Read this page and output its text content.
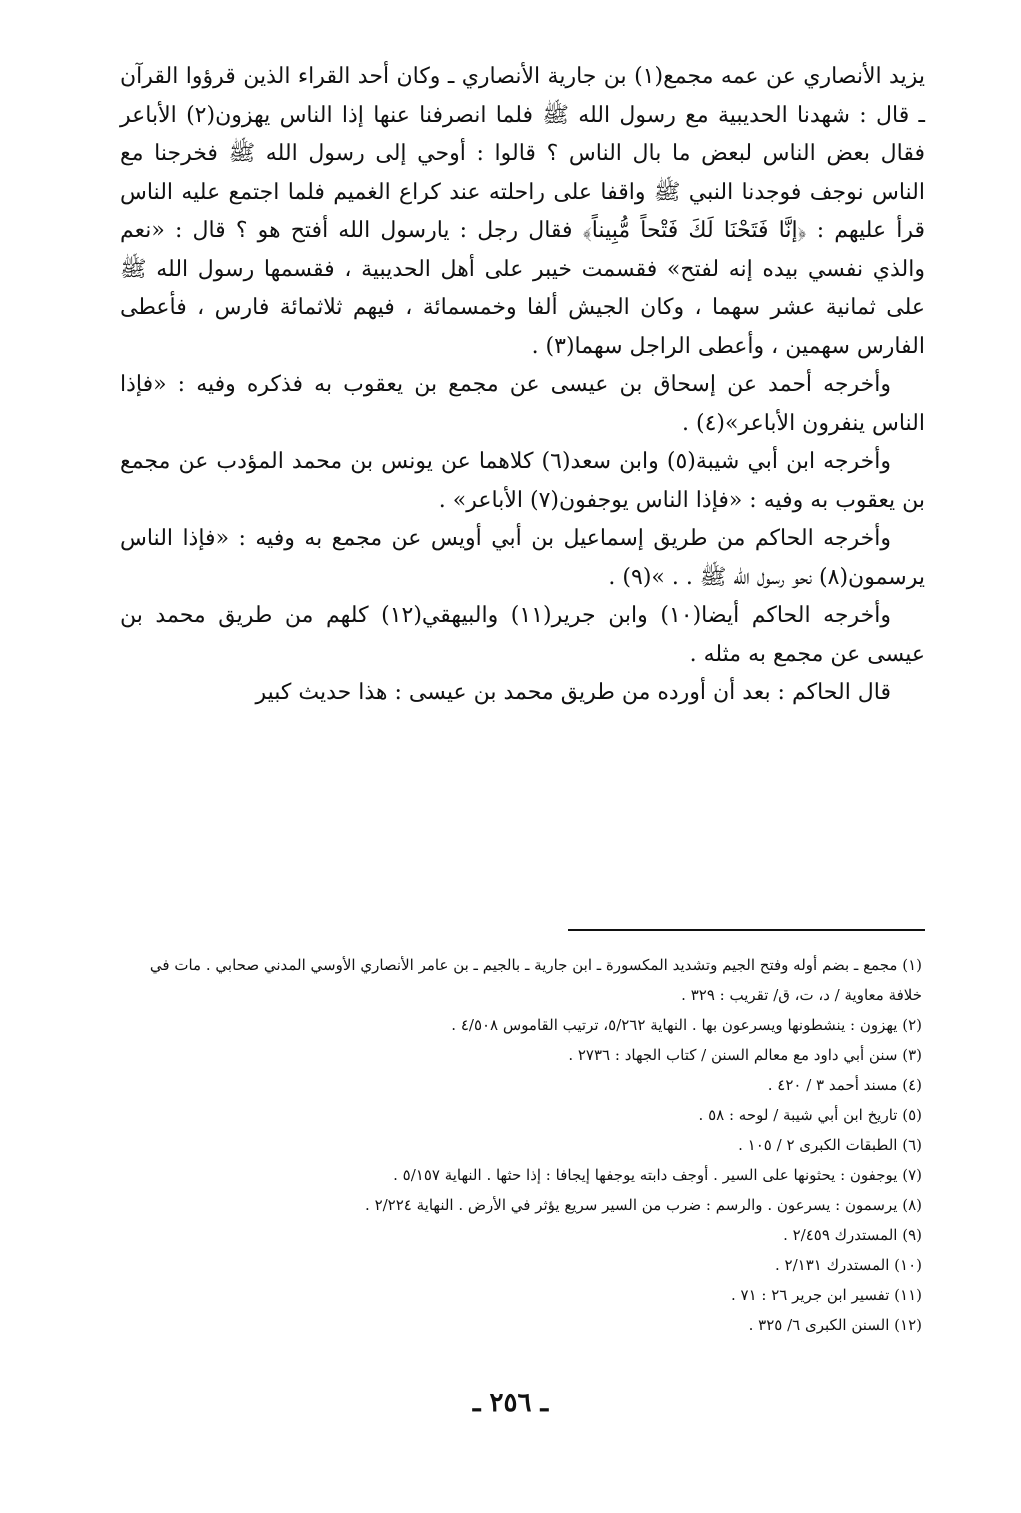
يزيد الأنصاري عن عمه مجمع(١) بن جارية الأنصاري ـ وكان أحد القراء الذين قرؤوا القرآن ـ قال : شهدنا الحديبية مع رسول الله ﷺ فلما انصرفنا عنها إذا الناس يهزون(٢) الأباعر فقال بعض الناس لبعض ما بال الناس ؟ قالوا : أوحي إلى رسول الله ﷺ فخرجنا مع الناس نوجف فوجدنا النبي ﷺ واقفا على راحلته عند كراع الغميم فلما اجتمع عليه الناس قرأ عليهم : ﴿إنَّا فَتَحْنَا لَكَ فَتْحاً مُّبِيناً﴾ فقال رجل : يارسول الله أفتح هو ؟ قال : «نعم والذي نفسي بيده إنه لفتح» فقسمت خيبر على أهل الحديبية ، فقسمها رسول الله ﷺ على ثمانية عشر سهما ، وكان الجيش ألفا وخمسمائة ، فيهم ثلاثمائة فارس ، فأعطى الفارس سهمين ، وأعطى الراجل سهما(٣) .

وأخرجه أحمد عن إسحاق بن عيسى عن مجمع بن يعقوب به فذكره وفيه : «فإذا الناس ينفرون الأباعر»(٤) .

وأخرجه ابن أبي شيبة(٥) وابن سعد(٦) كلاهما عن يونس بن محمد المؤدب عن مجمع بن يعقوب به وفيه : «فإذا الناس يوجفون(٧) الأباعر» .

وأخرجه الحاكم من طريق إسماعيل بن أبي أويس عن مجمع به وفيه : «فإذا الناس يرسمون(٨) نحو رسول الله ﷺ . . »(٩) .

وأخرجه الحاكم أيضا(١٠) وابن جرير(١١) والبيهقي(١٢) كلهم من طريق محمد بن عيسى عن مجمع به مثله .

قال الحاكم : بعد أن أورده من طريق محمد بن عيسى : هذا حديث كبير

(١) مجمع ـ بضم أوله وفتح الجيم وتشديد المكسورة ـ ابن جارية ـ بالجيم ـ بن عامر الأنصاري الأوسي المدني صحابي . مات في خلافة معاوية / د، ت، ق/ تقريب : ٣٢٩ .

(٢) يهزون : ينشطونها ويسرعون بها . النهاية ٥/٢٦٢، ترتيب القاموس ٤/٥٠٨ .

(٣) سنن أبي داود مع معالم السنن / كتاب الجهاد : ٢٧٣٦ .

(٤) مسند أحمد ٣ / ٤٢٠ .

(٥) تاريخ ابن أبي شيبة / لوحه : ٥٨ .

(٦) الطبقات الكبرى ٢ / ١٠٥ .

(٧) يوجفون : يحثونها على السير . أوجف دابته يوجفها إيجافا : إذا حثها . النهاية ٥/١٥٧ .

(٨) يرسمون : يسرعون . والرسم : ضرب من السير سريع يؤثر في الأرض . النهاية ٢/٢٢٤ .

(٩) المستدرك ٢/٤٥٩ .

(١٠) المستدرك ٢/١٣١ .

(١١) تفسير ابن جرير ٢٦ : ٧١ .

(١٢) السنن الكبرى ٦/ ٣٢٥ .

ـ ٢٥٦ ـ
